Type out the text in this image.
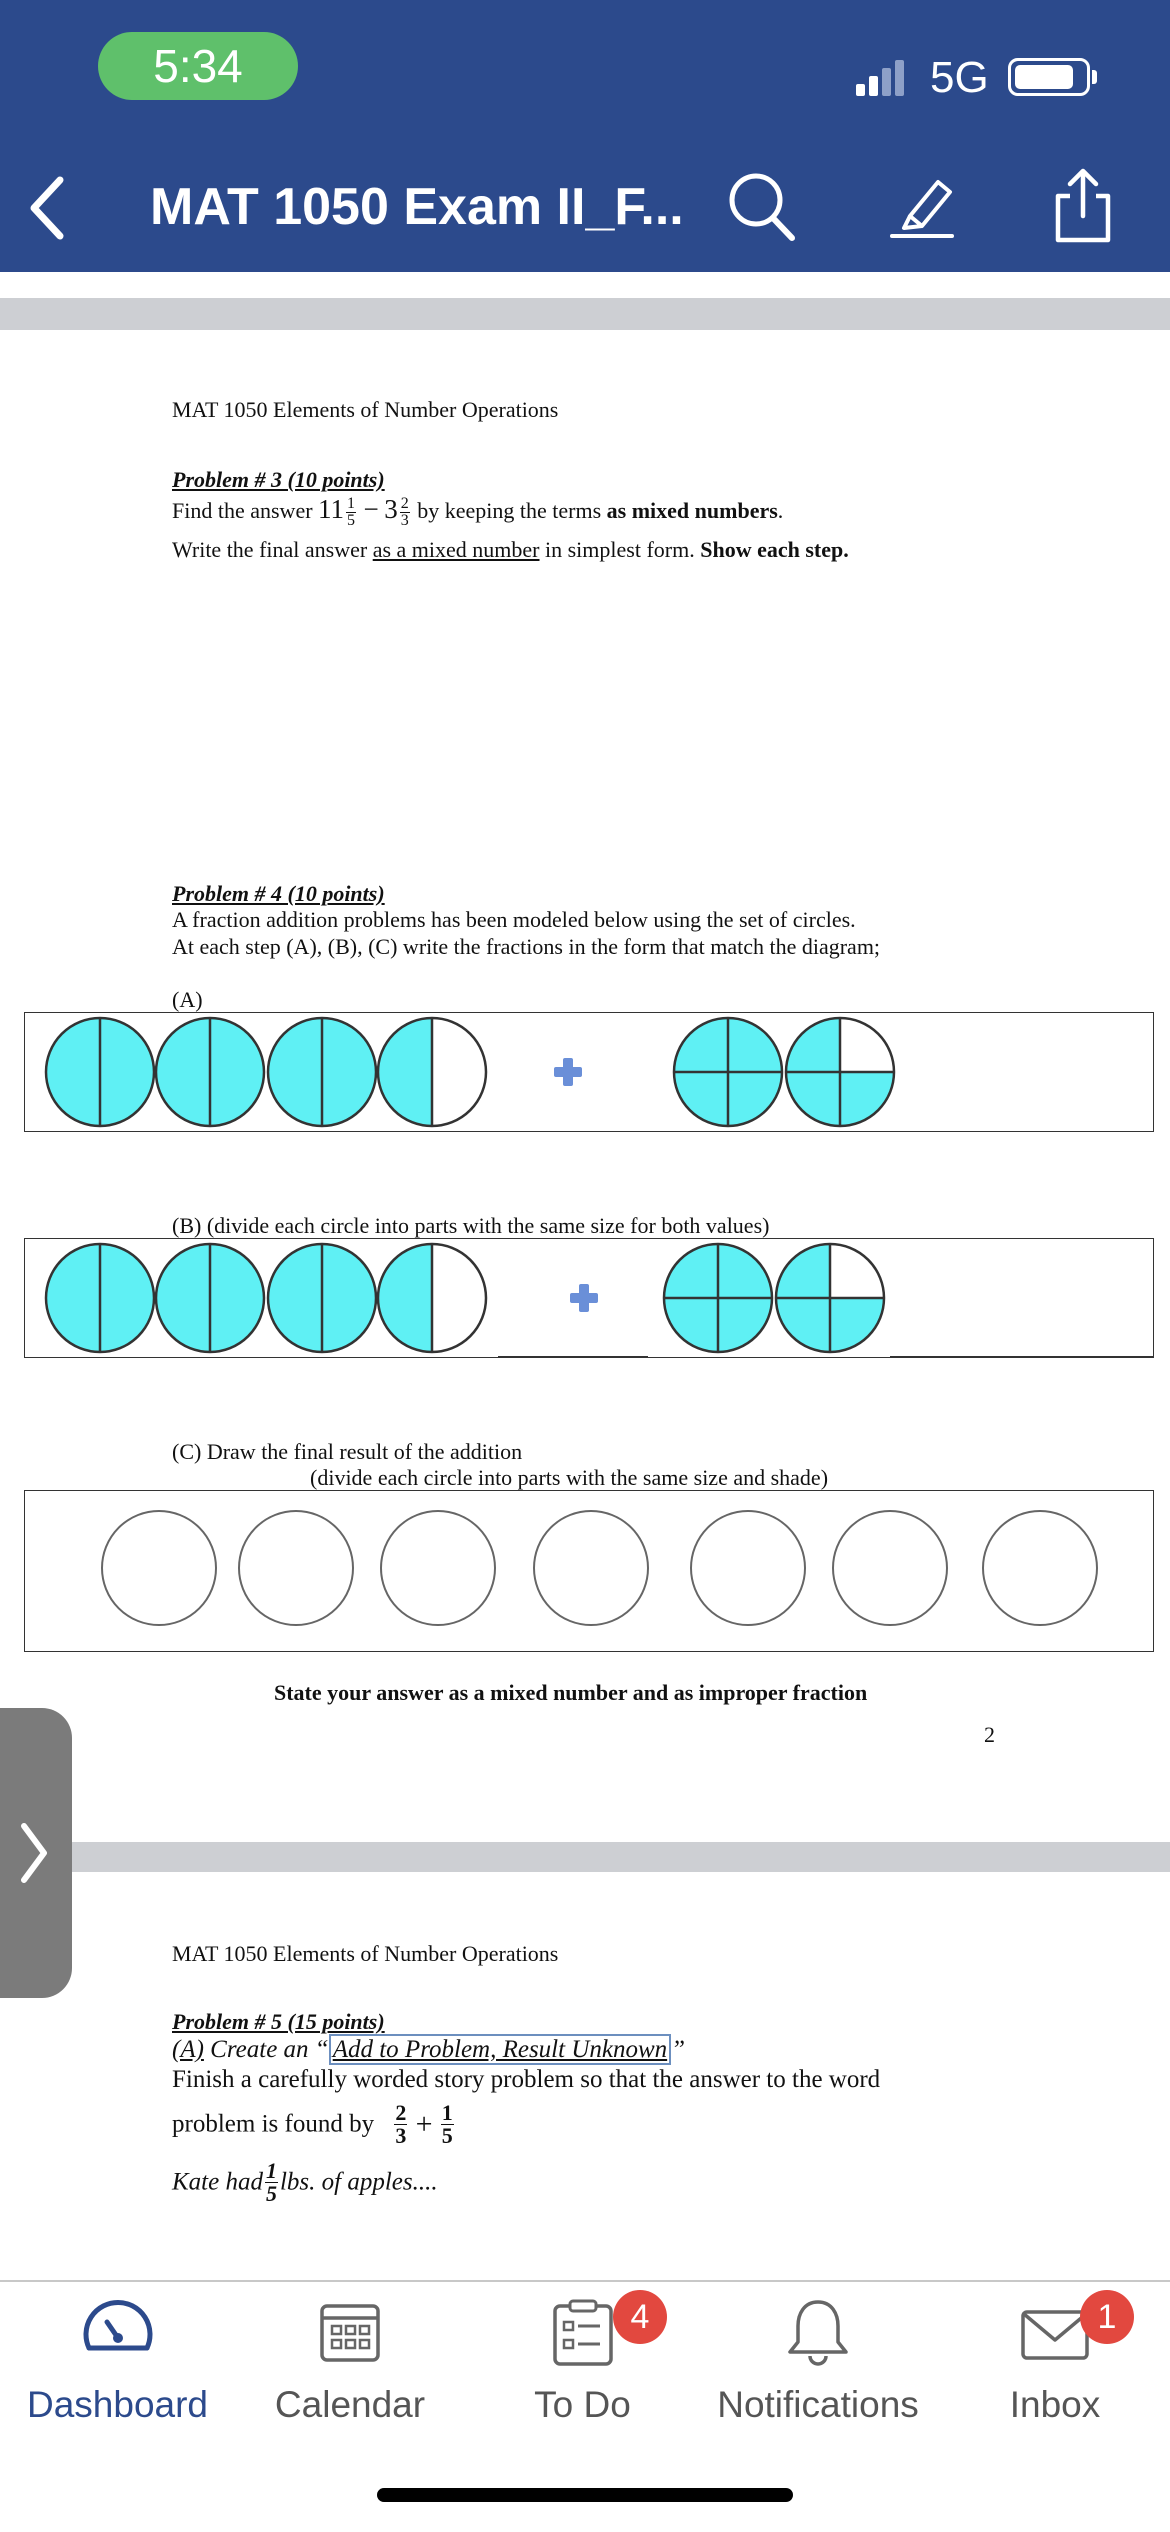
5:34	5G
MAT 1050 Exam II_F...
MAT 1050 Elements of Number Operations
Problem # 3 (10 points)
Find the answer $11 \frac{1}{5} - 3 \frac{2}{3}$ by keeping the terms as mixed numbers.
Write the final answer as a mixed number in simplest form. Show each step.
Problem # 4 (10 points)
A fraction addition problems has been modeled below using the set of circles.
At each step (A), (B), (C) write the fractions in the form that match the diagram;
(A)
(B) (divide each circle into parts with the same size for both values)
(C) Draw the final result of the addition
(divide each circle into parts with the same size and shade)
State your answer as a mixed number and as improper fraction
2
MAT 1050 Elements of Number Operations
Problem # 5 (15 points)
(A) Create an “ Add to Problem, Result Unknown ”
Finish a carefully worded story problem so that the answer to the word
problem is found by $\frac{2}{3} + \frac{1}{5}$
Kate had $\frac{1}{5}$ lbs. of apples....
Dashboard	Calendar
4
To Do	Notifications
1
Inbox
